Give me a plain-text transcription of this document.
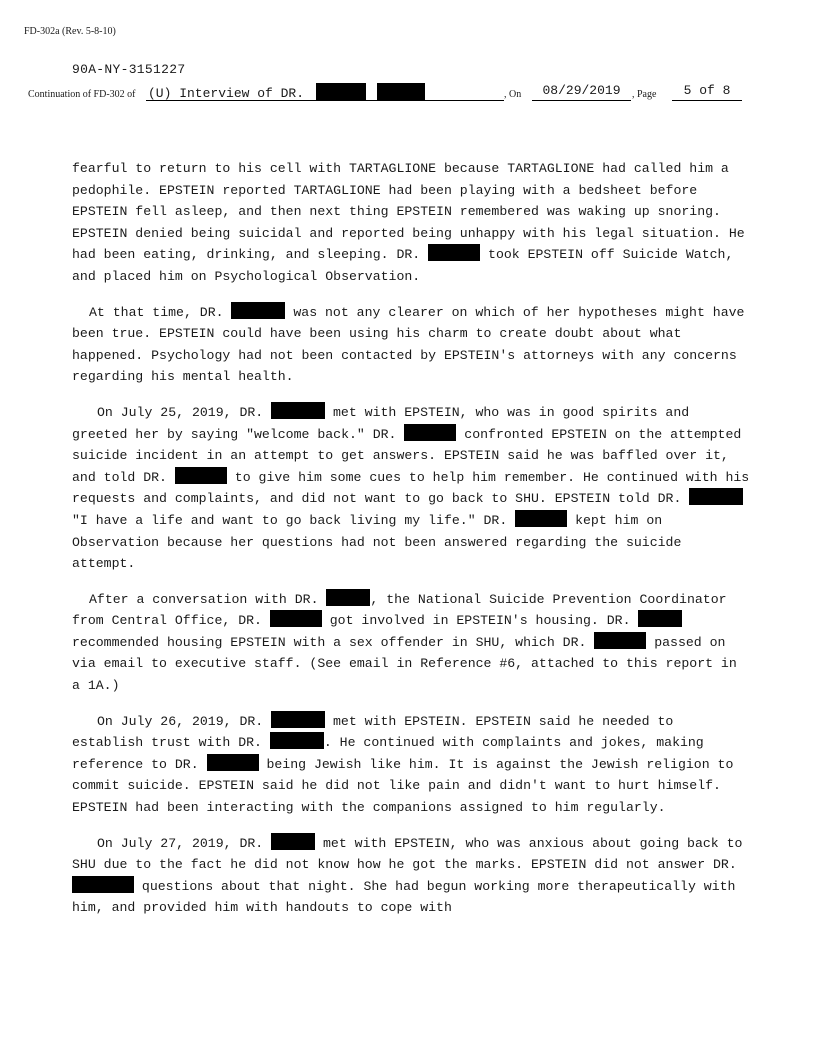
FD-302a (Rev. 5-8-10)
90A-NY-3151227
Continuation of FD-302 of (U) Interview of DR.	, On	08/29/2019	, Page	5 of 8

fearful to return to his cell with TARTAGLIONE because TARTAGLIONE had called him a pedophile. EPSTEIN reported TARTAGLIONE had been playing with a bedsheet before EPSTEIN fell asleep, and then next thing EPSTEIN remembered was waking up snoring. EPSTEIN denied being suicidal and reported being unhappy with his legal situation. He had been eating, drinking, and sleeping. DR.	took EPSTEIN off Suicide Watch, and placed him on Psychological Observation.

At that time, DR.	was not any clearer on which of her hypotheses might have been true. EPSTEIN could have been using his charm to create doubt about what happened. Psychology had not been contacted by EPSTEIN's attorneys with any concerns regarding his mental health.

On July 25, 2019, DR.	met with EPSTEIN, who was in good spirits and greeted her by saying "welcome back." DR.	confronted EPSTEIN on the attempted suicide incident in an attempt to get answers. EPSTEIN said he was baffled over it, and told DR.	to give him some cues to help him remember. He continued with his requests and complaints, and did not want to go back to SHU. EPSTEIN told DR.  "I have a life and want to go back living my life." DR.	kept him on Observation because her questions had not been answered regarding the suicide attempt.

After a conversation with DR.	, the National Suicide Prevention Coordinator from Central Office, DR.	got involved in EPSTEIN's housing. DR.  recommended housing EPSTEIN with a sex offender in SHU, which DR.	passed on via email to executive staff. (See email in Reference #6, attached to this report in a 1A.)

On July 26, 2019, DR.	met with EPSTEIN. EPSTEIN said he needed to establish trust with DR.	. He continued with complaints and jokes, making reference to DR.	being Jewish like him. It is against the Jewish religion to commit suicide. EPSTEIN said he did not like pain and didn't want to hurt himself. EPSTEIN had been interacting with the companions assigned to him regularly.

On July 27, 2019, DR.	met with EPSTEIN, who was anxious about going back to SHU due to the fact he did not know how he got the marks. EPSTEIN did not answer DR.  questions about that night. She had begun working more therapeutically with him, and provided him with handouts to cope with
